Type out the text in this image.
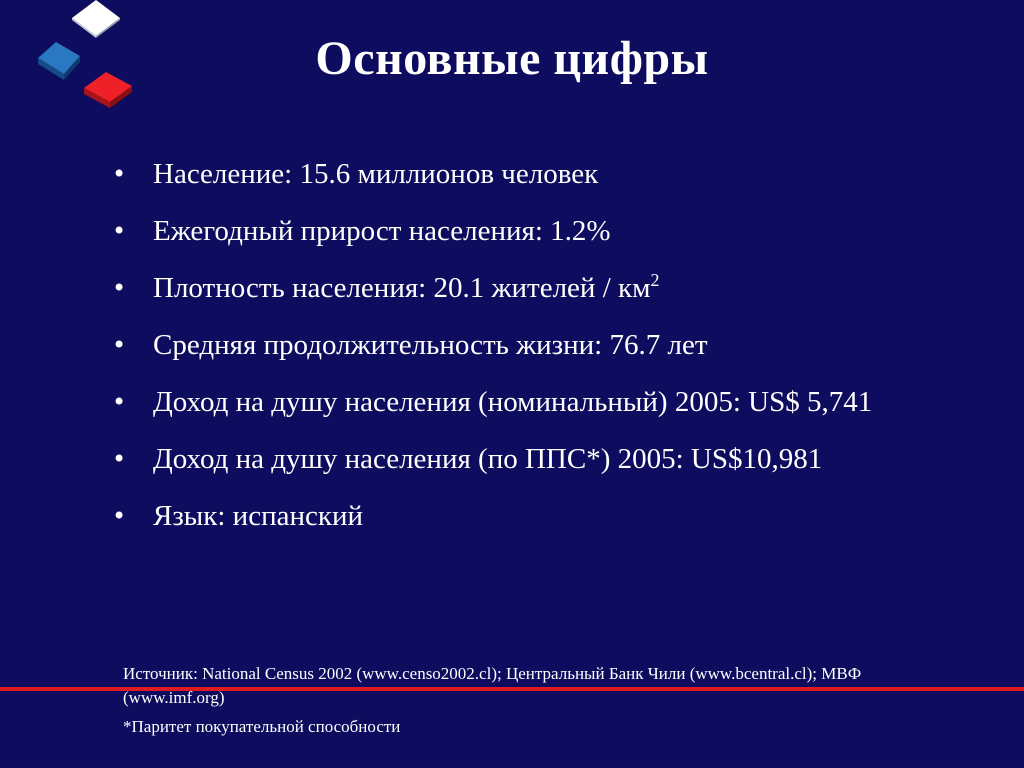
Основные цифры
• Население: 15.6 миллионов человек
• Ежегодный прирост населения: 1.2%
• Плотность населения: 20.1 жителей / $км^2$
• Средняя продолжительность жизни: 76.7 лет
• Доход на душу населения (номинальный) 2005: US$ 5,741
• Доход на душу населения (по ППС*) 2005: US$10,981
• Язык: испанский
Источник: National Census 2002 (www.censo2002.cl); Центральный Банк Чили (www.bcentral.cl); МВФ (www.imf.org)
*Паритет покупательной способности
